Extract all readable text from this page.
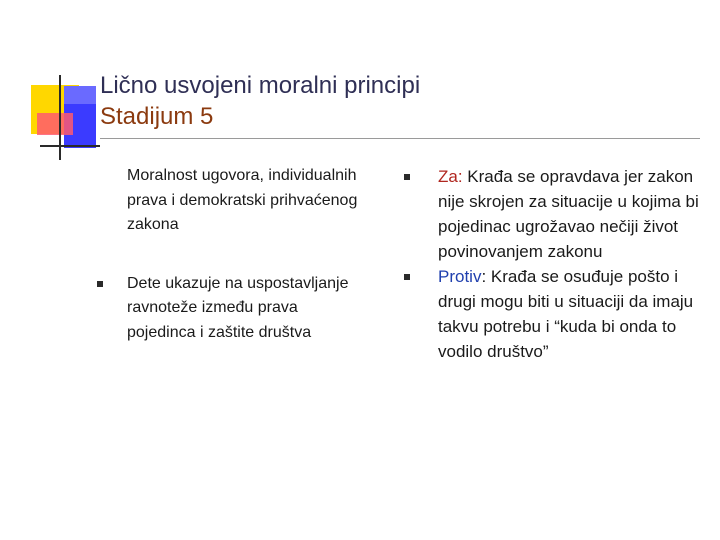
Lično usvojeni moralni principi
Stadijum 5
Moralnost ugovora, individualnih prava i demokratski prihvaćenog zakona
Dete ukazuje na uspostavljanje ravnoteže između prava pojedinca i zaštite društva
Za: Krađa se opravdava jer zakon nije skrojen za situacije u kojima bi pojedinac ugrožavao nečiji život povinovanjem zakonu
Protiv: Krađa se osuđuje pošto i drugi mogu biti u situaciji da imaju takvu potrebu i “kuda bi onda to vodilo društvo”
